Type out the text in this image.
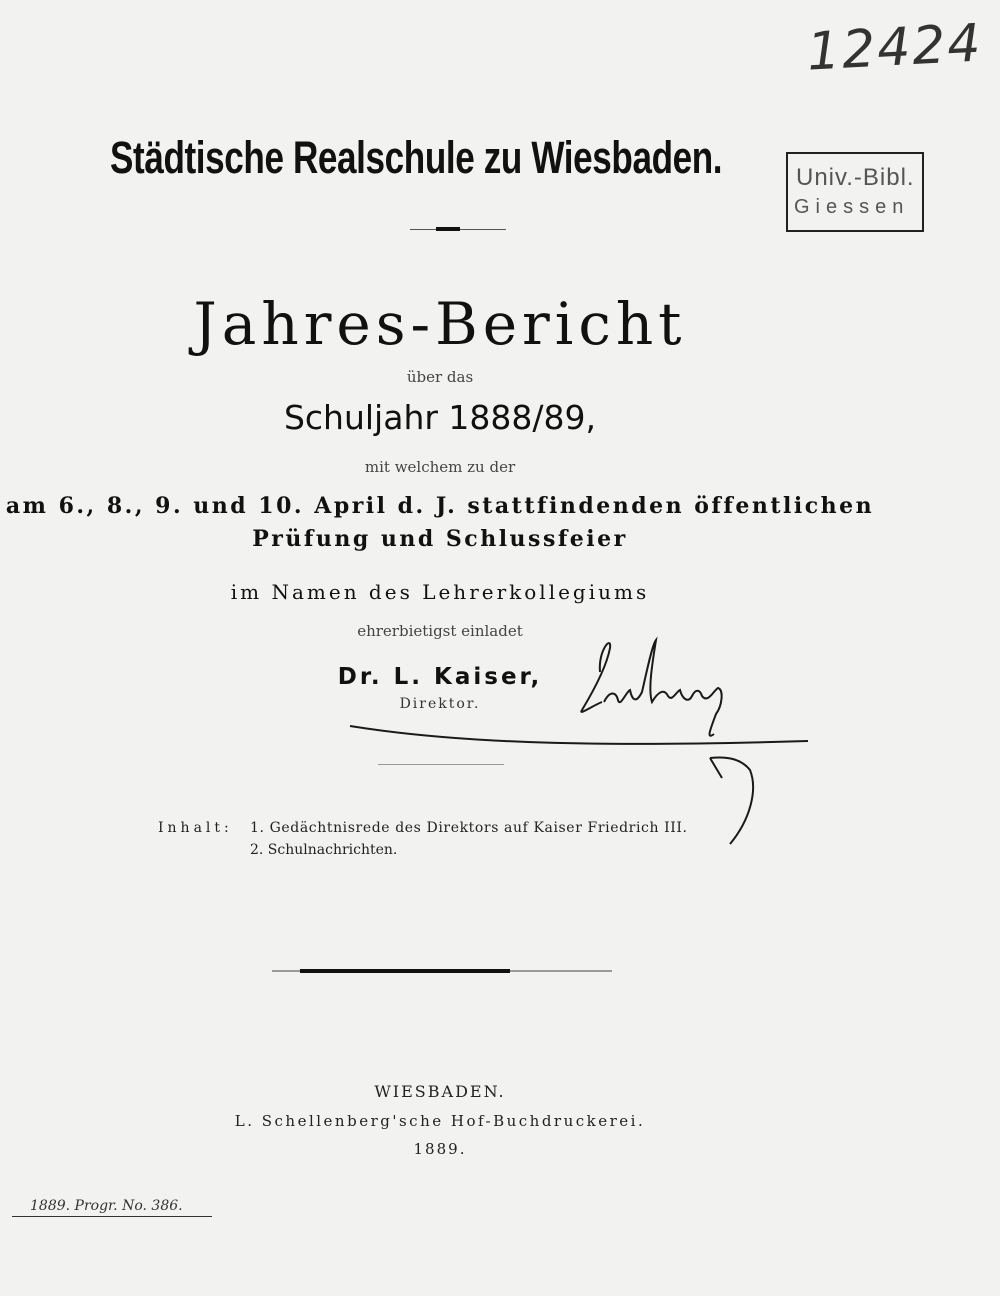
12424
Städtische Realschule zu Wiesbaden.	Univ.-Bibl.
Giessen
Jahres-Bericht
über das
Schuljahr 1888/89,
mit welchem zu der
am 6., 8., 9. und 10. April d. J. stattfindenden öffentlichen
Prüfung und Schlussfeier
im Namen des Lehrerkollegiums
ehrerbietigst einladet
Dr. L. Kaiser,
Direktor.
Inhalt: 1. Gedächtnisrede des Direktors auf Kaiser Friedrich III.
2. Schulnachrichten.
WIESBADEN.
L. Schellenberg'sche Hof-Buchdruckerei.
1889.
1889. Progr. No. 386.
